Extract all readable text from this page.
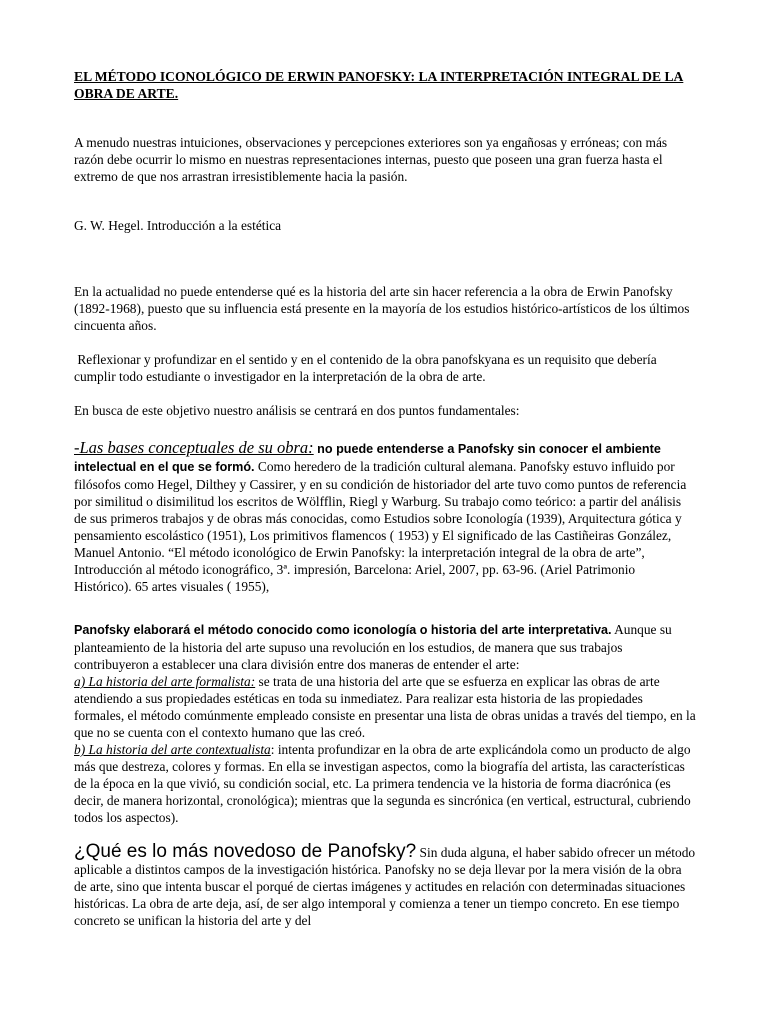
EL MÉTODO ICONOLÓGICO DE ERWIN PANOFSKY: LA INTERPRETACIÓN INTEGRAL DE LA OBRA DE ARTE.

A menudo nuestras intuiciones, observaciones y percepciones exteriores son ya engañosas y erróneas; con más razón debe ocurrir lo mismo en nuestras representaciones internas, puesto que poseen una gran fuerza hasta el extremo de que nos arrastran irresistiblemente hacia la pasión.

G. W. Hegel. Introducción a la estética

En la actualidad no puede entenderse qué es la historia del arte sin hacer referencia a la obra de Erwin Panofsky (1892-1968), puesto que su influencia está presente en la mayoría de los estudios histórico-artísticos de los últimos cincuenta años.

Reflexionar y profundizar en el sentido y en el contenido de la obra panofskyana es un requisito que debería cumplir todo estudiante o investigador en la interpretación de la obra de arte.

En busca de este objetivo nuestro análisis se centrará en dos puntos fundamentales:

-Las bases conceptuales de su obra: no puede entenderse a Panofsky sin conocer el ambiente intelectual en el que se formó. Como heredero de la tradición cultural alemana. Panofsky estuvo influido por filósofos como Hegel, Dilthey y Cassirer, y en su condición de historiador del arte tuvo como puntos de referencia por similitud o disimilitud los escritos de Wölfflin, Riegl y Warburg. Su trabajo como teórico: a partir del análisis de sus primeros trabajos y de obras más conocidas, como Estudios sobre Iconología (1939), Arquitectura gótica y pensamiento escolástico (1951), Los primitivos flamencos ( 1953) y El significado de las Castiñeiras González, Manuel Antonio. “El método iconológico de Erwin Panofsky: la interpretación integral de la obra de arte”, Introducción al método iconográfico, 3ª. impresión, Barcelona: Ariel, 2007, pp. 63-96. (Ariel Patrimonio Histórico). 65 artes visuales ( 1955),

Panofsky elaborará el método conocido como iconología o historia del arte interpretativa. Aunque su planteamiento de la historia del arte supuso una revolución en los estudios, de manera que sus trabajos contribuyeron a establecer una clara división entre dos maneras de entender el arte:
a) La historia del arte formalista: se trata de una historia del arte que se esfuerza en explicar las obras de arte atendiendo a sus propiedades estéticas en toda su inmediatez. Para realizar esta historia de las propiedades formales, el método comúnmente empleado consiste en presentar una lista de obras unidas a través del tiempo, en la que no se cuenta con el contexto humano que las creó.
b) La historia del arte contextualista: intenta profundizar en la obra de arte explicándola como un producto de algo más que destreza, colores y formas. En ella se investigan aspectos, como la biografía del artista, las características de la época en la que vivió, su condición social, etc. La primera tendencia ve la historia de forma diacrónica (es decir, de manera horizontal, cronológica); mientras que la segunda es sincrónica (en vertical, estructural, cubriendo todos los aspectos).

¿Qué es lo más novedoso de Panofsky? Sin duda alguna, el haber sabido ofrecer un método aplicable a distintos campos de la investigación histórica. Panofsky no se deja llevar por la mera visión de la obra de arte, sino que intenta buscar el porqué de ciertas imágenes y actitudes en relación con determinadas situaciones históricas. La obra de arte deja, así, de ser algo intemporal y comienza a tener un tiempo concreto. En ese tiempo concreto se unifican la historia del arte y del
